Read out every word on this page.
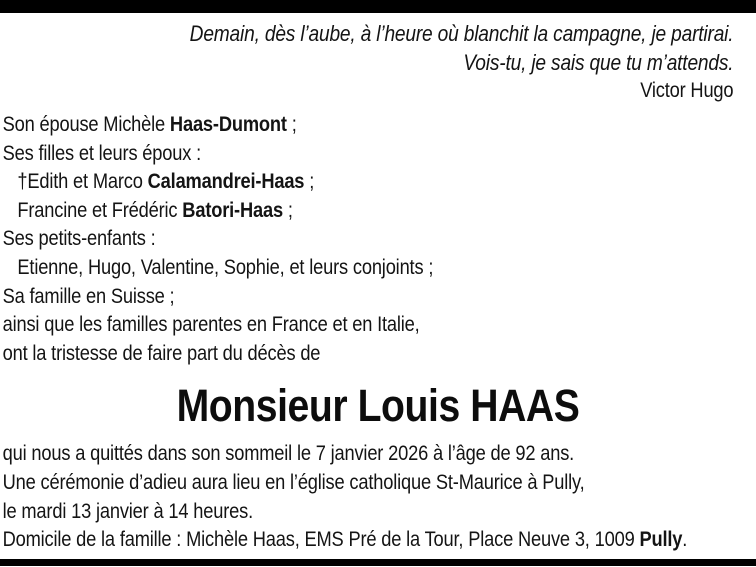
Demain, dès l’aube, à l’heure où blanchit la campagne, je partirai.
Vois-tu, je sais que tu m’attends.
Victor Hugo
Son épouse Michèle Haas-Dumont ;
Ses filles et leurs époux :
†Edith et Marco Calamandrei-Haas ;
Francine et Frédéric Batori-Haas ;
Ses petits-enfants :
Etienne, Hugo, Valentine, Sophie, et leurs conjoints ;
Sa famille en Suisse ;
ainsi que les familles parentes en France et en Italie,
ont la tristesse de faire part du décès de
Monsieur Louis HAAS
qui nous a quittés dans son sommeil le 7 janvier 2026 à l’âge de 92 ans.
Une cérémonie d’adieu aura lieu en l’église catholique St-Maurice à Pully,
le mardi 13 janvier à 14 heures.
Domicile de la famille : Michèle Haas, EMS Pré de la Tour, Place Neuve 3, 1009 Pully.
